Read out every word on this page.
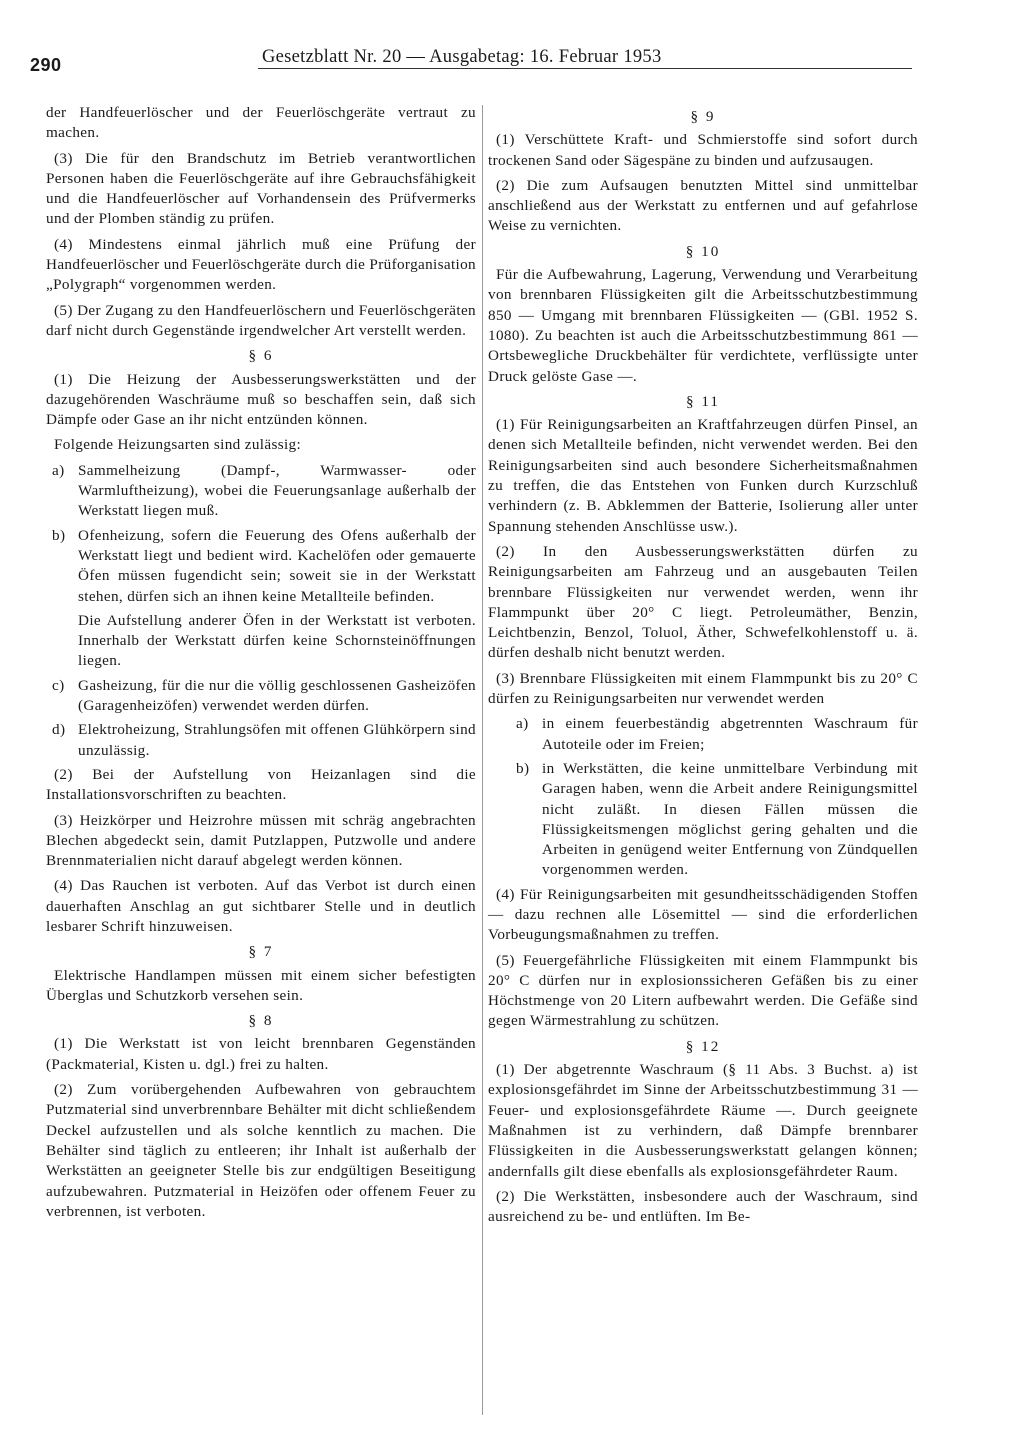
290	Gesetzblatt Nr. 20 — Ausgabetag: 16. Februar 1953

der Handfeuerlöscher und der Feuerlöschgeräte vertraut zu machen.

(3) Die für den Brandschutz im Betrieb verantwortlichen Personen haben die Feuerlöschgeräte auf ihre Gebrauchsfähigkeit und die Handfeuerlöscher auf Vorhandensein des Prüfvermerks und der Plomben ständig zu prüfen.

(4) Mindestens einmal jährlich muß eine Prüfung der Handfeuerlöscher und Feuerlöschgeräte durch die Prüforganisation „Polygraph“ vorgenommen werden.

(5) Der Zugang zu den Handfeuerlöschern und Feuerlöschgeräten darf nicht durch Gegenstände irgendwelcher Art verstellt werden.

§ 6

(1) Die Heizung der Ausbesserungswerkstätten und der dazugehörenden Waschräume muß so beschaffen sein, daß sich Dämpfe oder Gase an ihr nicht entzünden können.

Folgende Heizungsarten sind zulässig:

a) Sammelheizung (Dampf-, Warmwasser- oder Warmluftheizung), wobei die Feuerungsanlage außerhalb der Werkstatt liegen muß.
b) Ofenheizung, sofern die Feuerung des Ofens außerhalb der Werkstatt liegt und bedient wird. Kachelöfen oder gemauerte Öfen müssen fugendicht sein; soweit sie in der Werkstatt stehen, dürfen sich an ihnen keine Metallteile befinden.

Die Aufstellung anderer Öfen in der Werkstatt ist verboten. Innerhalb der Werkstatt dürfen keine Schornsteinöffnungen liegen.

c) Gasheizung, für die nur die völlig geschlossenen Gasheizöfen (Garagenheizöfen) verwendet werden dürfen.
d) Elektroheizung, Strahlungsöfen mit offenen Glühkörpern sind unzulässig.

(2) Bei der Aufstellung von Heizanlagen sind die Installationsvorschriften zu beachten.

(3) Heizkörper und Heizrohre müssen mit schräg angebrachten Blechen abgedeckt sein, damit Putzlappen, Putzwolle und andere Brennmaterialien nicht darauf abgelegt werden können.

(4) Das Rauchen ist verboten. Auf das Verbot ist durch einen dauerhaften Anschlag an gut sichtbarer Stelle und in deutlich lesbarer Schrift hinzuweisen.

§ 7

Elektrische Handlampen müssen mit einem sicher befestigten Überglas und Schutzkorb versehen sein.

§ 8

(1) Die Werkstatt ist von leicht brennbaren Gegenständen (Packmaterial, Kisten u. dgl.) frei zu halten.

(2) Zum vorübergehenden Aufbewahren von gebrauchtem Putzmaterial sind unverbrennbare Behälter mit dicht schließendem Deckel aufzustellen und als solche kenntlich zu machen. Die Behälter sind täglich zu entleeren; ihr Inhalt ist außerhalb der Werkstätten an geeigneter Stelle bis zur endgültigen Beseitigung aufzubewahren. Putzmaterial in Heizöfen oder offenem Feuer zu verbrennen, ist verboten.

§ 9

(1) Verschüttete Kraft- und Schmierstoffe sind sofort durch trockenen Sand oder Sägespäne zu binden und aufzusaugen.

(2) Die zum Aufsaugen benutzten Mittel sind unmittelbar anschließend aus der Werkstatt zu entfernen und auf gefahrlose Weise zu vernichten.

§ 10

Für die Aufbewahrung, Lagerung, Verwendung und Verarbeitung von brennbaren Flüssigkeiten gilt die Arbeitsschutzbestimmung 850 — Umgang mit brennbaren Flüssigkeiten — (GBl. 1952 S. 1080). Zu beachten ist auch die Arbeitsschutzbestimmung 861 — Ortsbewegliche Druckbehälter für verdichtete, verflüssigte unter Druck gelöste Gase —.

§ 11

(1) Für Reinigungsarbeiten an Kraftfahrzeugen dürfen Pinsel, an denen sich Metallteile befinden, nicht verwendet werden. Bei den Reinigungsarbeiten sind auch besondere Sicherheitsmaßnahmen zu treffen, die das Entstehen von Funken durch Kurzschluß verhindern (z. B. Abklemmen der Batterie, Isolierung aller unter Spannung stehenden Anschlüsse usw.).

(2) In den Ausbesserungswerkstätten dürfen zu Reinigungsarbeiten am Fahrzeug und an ausgebauten Teilen brennbare Flüssigkeiten nur verwendet werden, wenn ihr Flammpunkt über 20° C liegt. Petroleumäther, Benzin, Leichtbenzin, Benzol, Toluol, Äther, Schwefelkohlenstoff u. ä. dürfen deshalb nicht benutzt werden.

(3) Brennbare Flüssigkeiten mit einem Flammpunkt bis zu 20° C dürfen zu Reinigungsarbeiten nur verwendet werden

a) in einem feuerbeständig abgetrennten Waschraum für Autoteile oder im Freien;
b) in Werkstätten, die keine unmittelbare Verbindung mit Garagen haben, wenn die Arbeit andere Reinigungsmittel nicht zuläßt. In diesen Fällen müssen die Flüssigkeitsmengen möglichst gering gehalten und die Arbeiten in genügend weiter Entfernung von Zündquellen vorgenommen werden.

(4) Für Reinigungsarbeiten mit gesundheitsschädigenden Stoffen — dazu rechnen alle Lösemittel — sind die erforderlichen Vorbeugungsmaßnahmen zu treffen.

(5) Feuergefährliche Flüssigkeiten mit einem Flammpunkt bis 20° C dürfen nur in explosionssicheren Gefäßen bis zu einer Höchstmenge von 20 Litern aufbewahrt werden. Die Gefäße sind gegen Wärmestrahlung zu schützen.

§ 12

(1) Der abgetrennte Waschraum (§ 11 Abs. 3 Buchst. a) ist explosionsgefährdet im Sinne der Arbeitsschutzbestimmung 31 — Feuer- und explosionsgefährdete Räume —. Durch geeignete Maßnahmen ist zu verhindern, daß Dämpfe brennbarer Flüssigkeiten in die Ausbesserungswerkstatt gelangen können; andernfalls gilt diese ebenfalls als explosionsgefährdeter Raum.

(2) Die Werkstätten, insbesondere auch der Waschraum, sind ausreichend zu be- und entlüften. Im Be-
